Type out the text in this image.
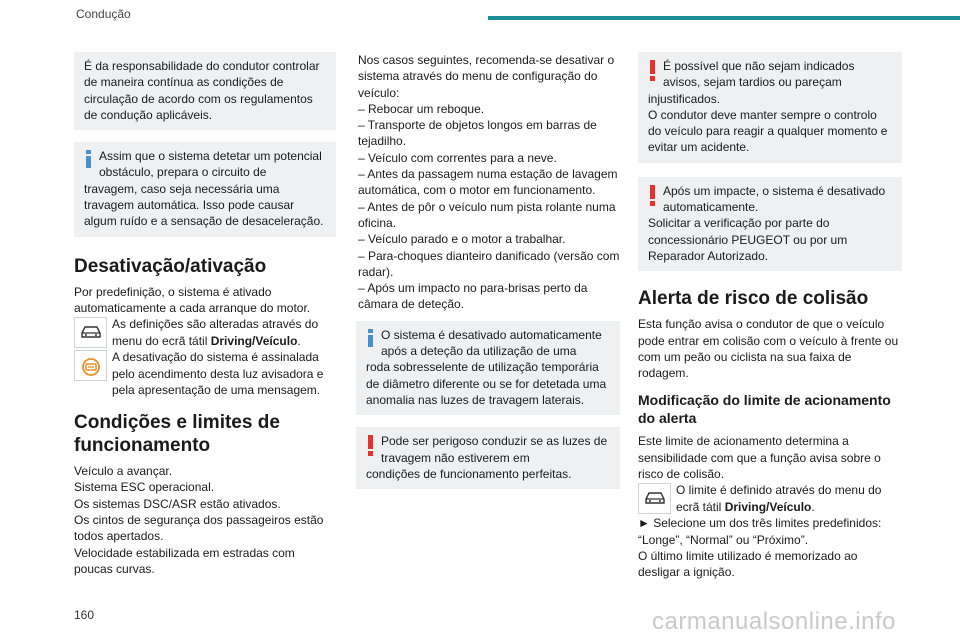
Condução

É da responsabilidade do condutor controlar de maneira contínua as condições de circulação de acordo com os regulamentos de condução aplicáveis.

Assim que o sistema detetar um potencial obstáculo, prepara o circuito de
travagem, caso seja necessária uma travagem automática. Isso pode causar algum ruído e a sensação de desaceleração.
Desativação/ativação

Por predefinição, o sistema é ativado automaticamente a cada arranque do motor.

As definições são alteradas através do menu do ecrã tátil Driving/Veículo.
A desativação do sistema é assinalada pelo acendimento desta luz avisadora e pela apresentação de uma mensagem.
Condições e limites de funcionamento

Veículo a avançar.

Sistema ESC operacional.

Os sistemas DSC/ASR estão ativados.

Os cintos de segurança dos passageiros estão todos apertados.

Velocidade estabilizada em estradas com poucas curvas.

Nos casos seguintes, recomenda-se desativar o sistema através do menu de configuração do veículo:

– Rebocar um reboque.

– Transporte de objetos longos em barras de tejadilho.

– Veículo com correntes para a neve.

– Antes da passagem numa estação de lavagem automática, com o motor em funcionamento.

– Antes de pôr o veículo num pista rolante numa oficina.

– Veículo parado e o motor a trabalhar.

– Para-choques dianteiro danificado (versão com radar).

– Após um impacto no para-brisas perto da câmara de deteção.

O sistema é desativado automaticamente após a deteção da utilização de uma
roda sobresselente de utilização temporária de diâmetro diferente ou se for detetada uma anomalia nas luzes de travagem laterais.
Pode ser perigoso conduzir se as luzes de travagem não estiverem em
condições de funcionamento perfeitas.
É possível que não sejam indicados avisos, sejam tardios ou pareçam
injustificados.

O condutor deve manter sempre o controlo do veículo para reagir a qualquer momento e evitar um acidente.

Após um impacte, o sistema é desativado automaticamente.

Solicitar a verificação por parte do concessionário PEUGEOT ou por um Reparador Autorizado.

Alerta de risco de colisão

Esta função avisa o condutor de que o veículo pode entrar em colisão com o veículo à frente ou com um peão ou ciclista na sua faixa de rodagem.

Modificação do limite de acionamento do alerta

Este limite de acionamento determina a sensibilidade com que a função avisa sobre o risco de colisão.

O limite é definido através do menu do ecrã tátil Driving/Veículo.

► Selecione um dos três limites predefinidos: “Longe”, “Normal” ou “Próximo”.

O último limite utilizado é memorizado ao desligar a ignição.

160	carmanualsonline.info
